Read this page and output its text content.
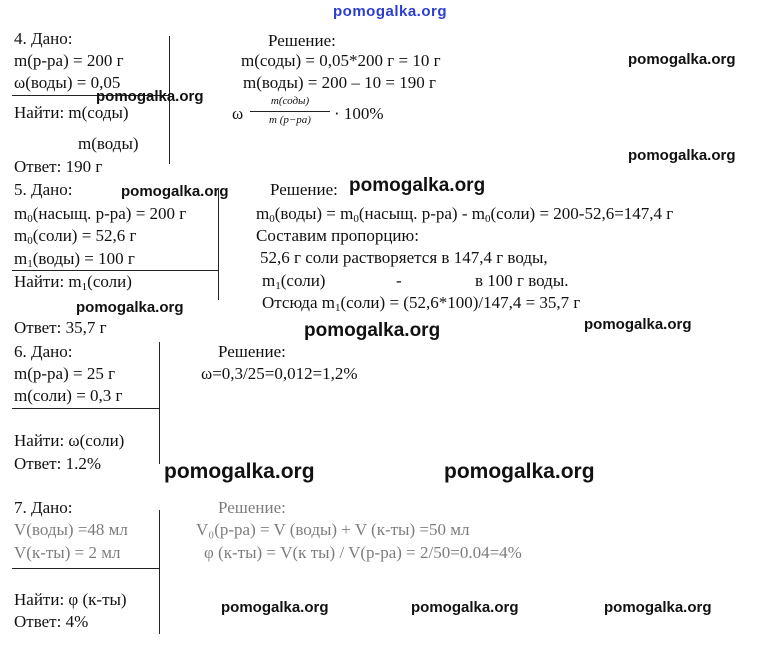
pomogalka.org
4. Дано:
m(р-ра) = 200 г
ω(воды) = 0,05
Найти: m(соды)
m(воды)
Ответ: 190 г
Решение:
m(соды) = 0,05*200 г = 10 г
m(воды) = 200 – 10 = 190 г
ω
m(соды)
m (р−ра)	· 100%
5. Дано:
$m_0(насыщ$. р-ра) = 200 г
$m_0(соли) = 52,6$ г
$m_1(воды) = 100$ г
Найти: $m_1(соли)$
Ответ: 35,7 г
Решение:
$m_0(воды)$ = $m_0(насыщ$. $р-ра) - m_0(соли) = 200-52,6=147,4$ г
Составим пропорцию:
52,6 г соли растворяется в 147,4 г воды,
$m_1(соли)$	-	в 100 г воды.
Отсюда $m_1(соли) = (52,6*100)/147,4 = 35,7$ г
6. Дано:
m(р-ра) = 25 г
m(соли) = 0,3 г
Найти: ω(соли)
Ответ: 1.2%
Решение:
ω=0,3/25=0,012=1,2%
7. Дано:
V(воды) =48 мл
V(к-ты) = 2 мл
Найти: φ (к-ты)
Ответ: 4%
Решение:
V₀(р-ра) = V (воды) + V (к-ты) =50 мл
φ (к-ты) = V(к ты) / V(р-ра) = 2/50=0.04=4%
pomogalka.org
pomogalka.org
pomogalka.org
pomogalka.org	pomogalka.org
pomogalka.org
pomogalka.org
pomogalka.org
pomogalka.org	pomogalka.org
pomogalka.org	pomogalka.org	pomogalka.org
